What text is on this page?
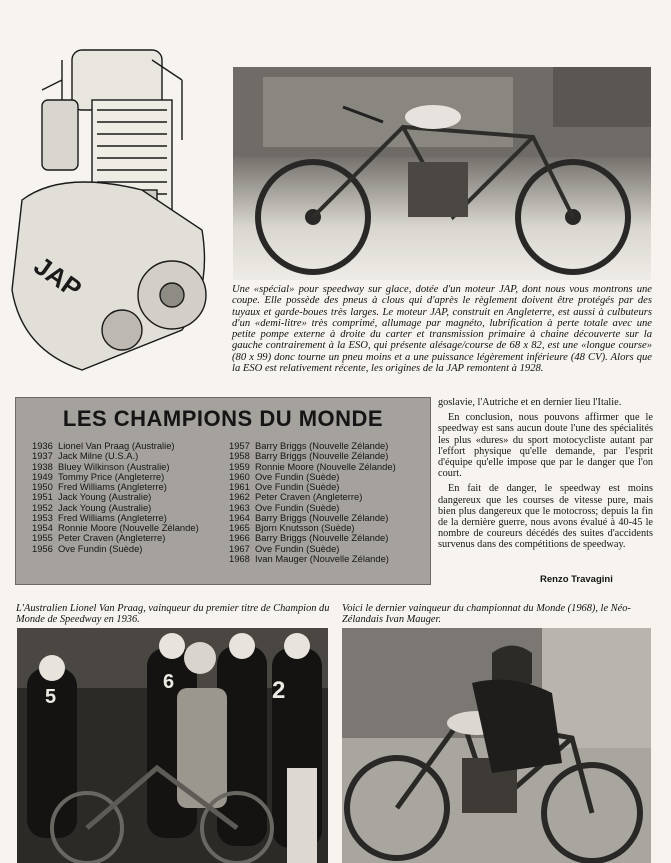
JAP	Une «spécial» pour speedway sur glace, dotée d'un moteur JAP, dont nous vous montrons une coupe. Elle possède des pneus à clous qui d'après le règlement doivent être protégés par des tuyaux et garde-boues très larges. Le moteur JAP, construit en Angleterre, est aussi à culbuteurs d'un «demi-litre» très comprimé, allumage par magnéto, lubrification à perte totale avec une petite pompe externe à droite du carter et transmission primaire à chaine découverte sur la gauche contrairement à la ESO, qui présente alésage/course de 68 x 82, est une «longue course» (80 x 99) donc tourne un pneu moins et a une puissance légèrement inférieure (48 CV). Alors que la ESO est relativement récente, les origines de la JAP remontent à 1928.
LES CHAMPIONS DU MONDE
1936 Lionel Van Praag (Australie)
1937 Jack Milne (U.S.A.)
1938 Bluey Wilkinson (Australie)
1949 Tommy Price (Angleterre)
1950 Fred Williams (Angleterre)
1951 Jack Young (Australie)
1952 Jack Young (Australie)
1953 Fred Williams (Angleterre)
1954 Ronnie Moore (Nouvelle Zélande)
1955 Peter Craven (Angleterre)
1956 Ove Fundin (Suède)
1957 Barry Briggs (Nouvelle Zélande)
1958 Barry Briggs (Nouvelle Zélande)
1959 Ronnie Moore (Nouvelle Zélande)
1960 Ove Fundin (Suède)
1961 Ove Fundin (Suède)
1962 Peter Craven (Angleterre)
1963 Ove Fundin (Suède)
1964 Barry Briggs (Nouvelle Zélande)
1965 Bjorn Knutsson (Suède)
1966 Barry Briggs (Nouvelle Zélande)
1967 Ove Fundin (Suède)
1968 Ivan Mauger (Nouvelle Zélande)

goslavie, l'Autriche et en dernier lieu l'Italie.

En conclusion, nous pouvons affirmer que le speedway est sans aucun doute l'une des spécialités les plus «dures» du sport motocycliste autant par l'effort physique qu'elle demande, par l'esprit d'équipe qu'elle impose que par le danger que l'on court.

En fait de danger, le speedway est moins dangereux que les courses de vitesse pure, mais bien plus dangereux que le motocross; depuis la fin de la dernière guerre, nous avons évalué à 40-45 le nombre de coureurs décédés des suites d'accidents survenus dans des compétitions de speedway.

Renzo Travagini
L'Australien Lionel Van Praag, vainqueur du premier titre de Champion du Monde de Speedway en 1936.
Voici le dernier vainqueur du championnat du Monde (1968), le Néo-Zélandais Ivan Mauger.
5
6	2
